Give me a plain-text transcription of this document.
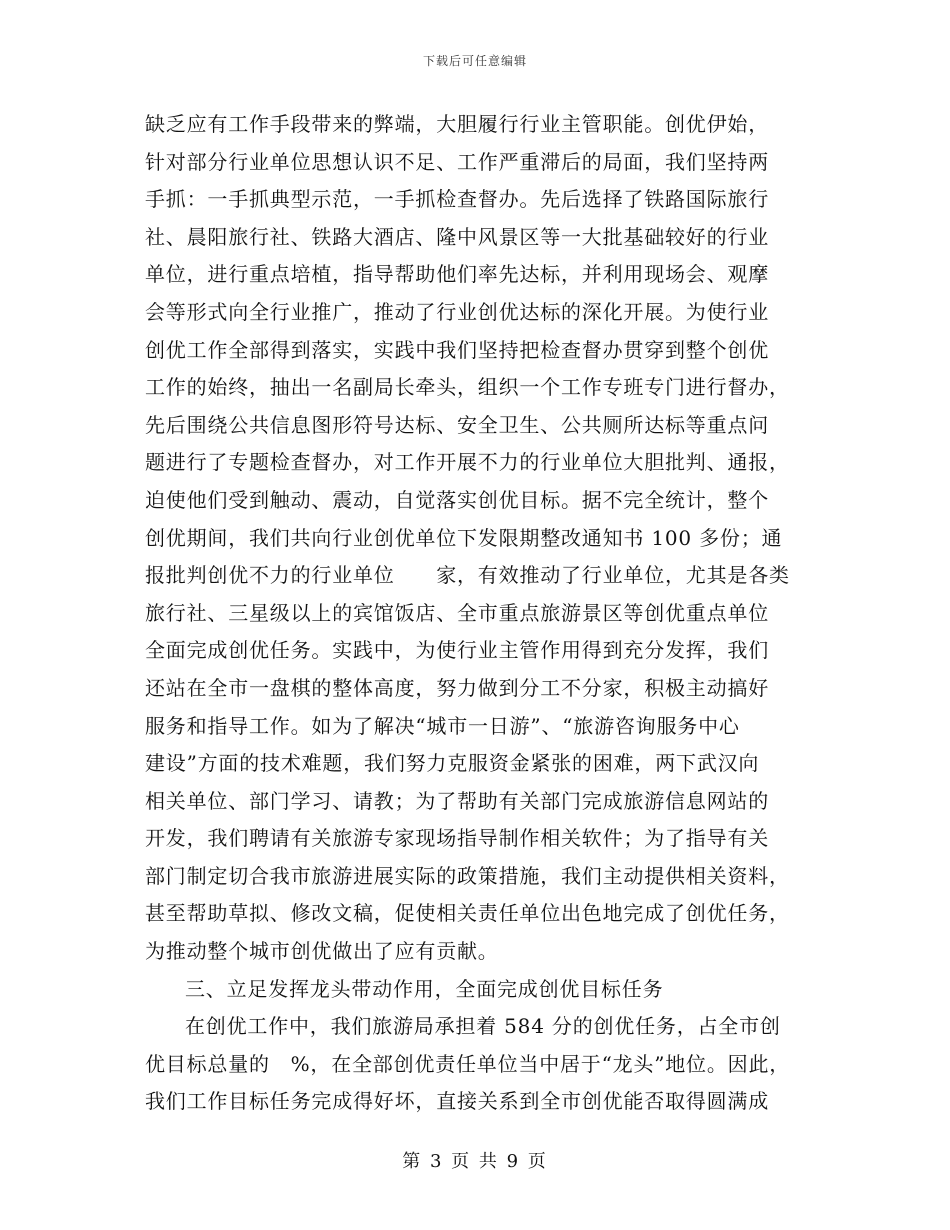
下载后可任意编辑
缺乏应有工作手段带来的弊端，大胆履行行业主管职能。创优伊始，
针对部分行业单位思想认识不足、工作严重滞后的局面，我们坚持两
手抓：一手抓典型示范，一手抓检查督办。先后选择了铁路国际旅行
社、晨阳旅行社、铁路大酒店、隆中风景区等一大批基础较好的行业
单位，进行重点培植，指导帮助他们率先达标，并利用现场会、观摩
会等形式向全行业推广，推动了行业创优达标的深化开展。为使行业
创优工作全部得到落实，实践中我们坚持把检查督办贯穿到整个创优
工作的始终，抽出一名副局长牵头，组织一个工作专班专门进行督办，
先后围绕公共信息图形符号达标、安全卫生、公共厕所达标等重点问
题进行了专题检查督办，对工作开展不力的行业单位大胆批判、通报，
迫使他们受到触动、震动，自觉落实创优目标。据不完全统计，整个
创优期间，我们共向行业创优单位下发限期整改通知书 100 多份；通
报批判创优不力的行业单位　　家，有效推动了行业单位，尤其是各类
旅行社、三星级以上的宾馆饭店、全市重点旅游景区等创优重点单位
全面完成创优任务。实践中，为使行业主管作用得到充分发挥，我们
还站在全市一盘棋的整体高度，努力做到分工不分家，积极主动搞好
服务和指导工作。如为了解决“城市一日游”、“旅游咨询服务中心
建设”方面的技术难题，我们努力克服资金紧张的困难，两下武汉向
相关单位、部门学习、请教；为了帮助有关部门完成旅游信息网站的
开发，我们聘请有关旅游专家现场指导制作相关软件；为了指导有关
部门制定切合我市旅游进展实际的政策措施，我们主动提供相关资料，
甚至帮助草拟、修改文稿，促使相关责任单位出色地完成了创优任务，
为推动整个城市创优做出了应有贡献。
三、立足发挥龙头带动作用，全面完成创优目标任务
在创优工作中，我们旅游局承担着 584 分的创优任务，占全市创
优目标总量的　%，在全部创优责任单位当中居于“龙头”地位。因此，
我们工作目标任务完成得好坏，直接关系到全市创优能否取得圆满成
第 3 页 共 9 页
